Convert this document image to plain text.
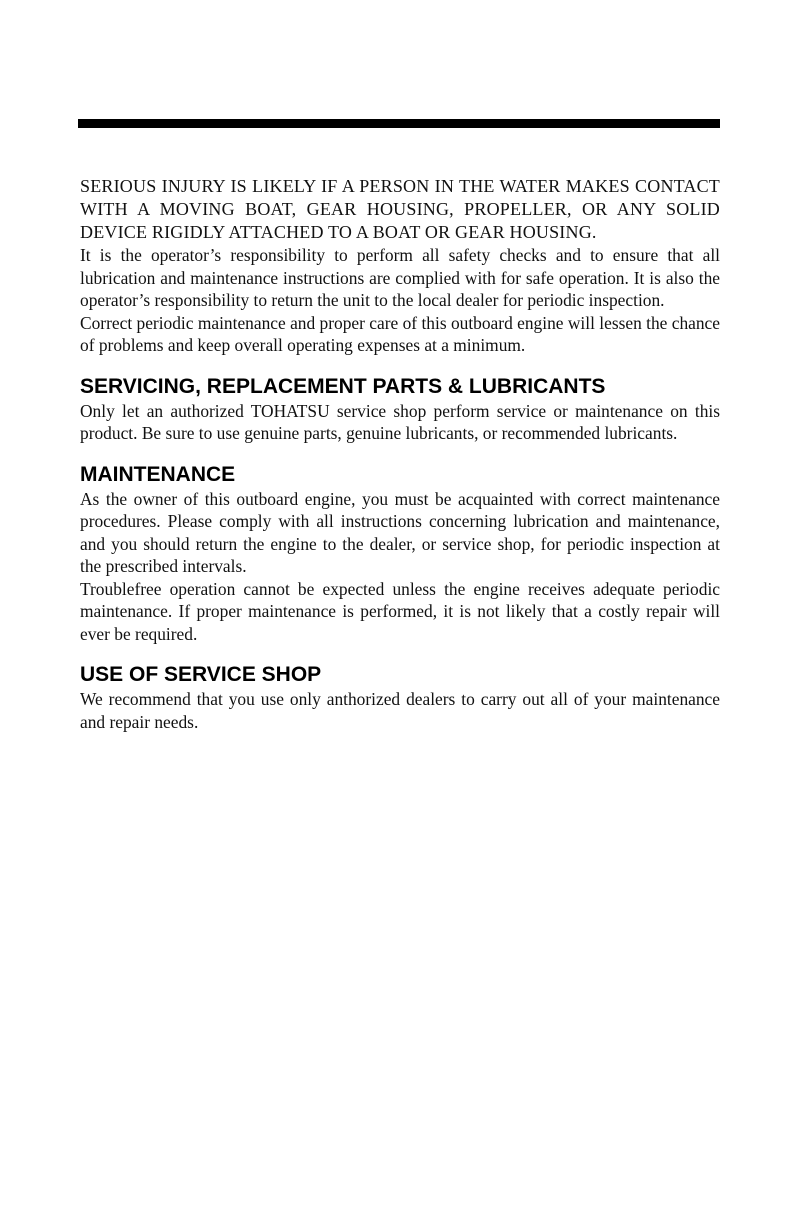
SERIOUS INJURY IS LIKELY IF A PERSON IN THE WATER MAKES CONTACT WITH A MOVING BOAT, GEAR HOUSING, PROPELLER, OR ANY SOLID DEVICE RIGIDLY ATTACHED TO A BOAT OR GEAR HOUSING.

It is the operator’s responsibility to perform all safety checks and to ensure that all lubrication and maintenance instructions are complied with for safe operation. It is also the operator’s responsibility to return the unit to the local dealer for periodic inspection.

Correct periodic maintenance and proper care of this outboard engine will lessen the chance of problems and keep overall operating expenses at a minimum.

SERVICING, REPLACEMENT PARTS & LUBRICANTS

Only let an authorized TOHATSU service shop perform service or maintenance on this product. Be sure to use genuine parts, genuine lubricants, or recommended lubricants.

MAINTENANCE

As the owner of this outboard engine, you must be acquainted with correct maintenance procedures. Please comply with all instructions concerning lubrication and maintenance, and you should return the engine to the dealer, or service shop, for periodic inspection at the prescribed intervals.

Troublefree operation cannot be expected unless the engine receives adequate periodic maintenance. If proper maintenance is performed, it is not likely that a costly repair will ever be required.

USE OF SERVICE SHOP

We recommend that you use only anthorized dealers to carry out all of your maintenance and repair needs.
